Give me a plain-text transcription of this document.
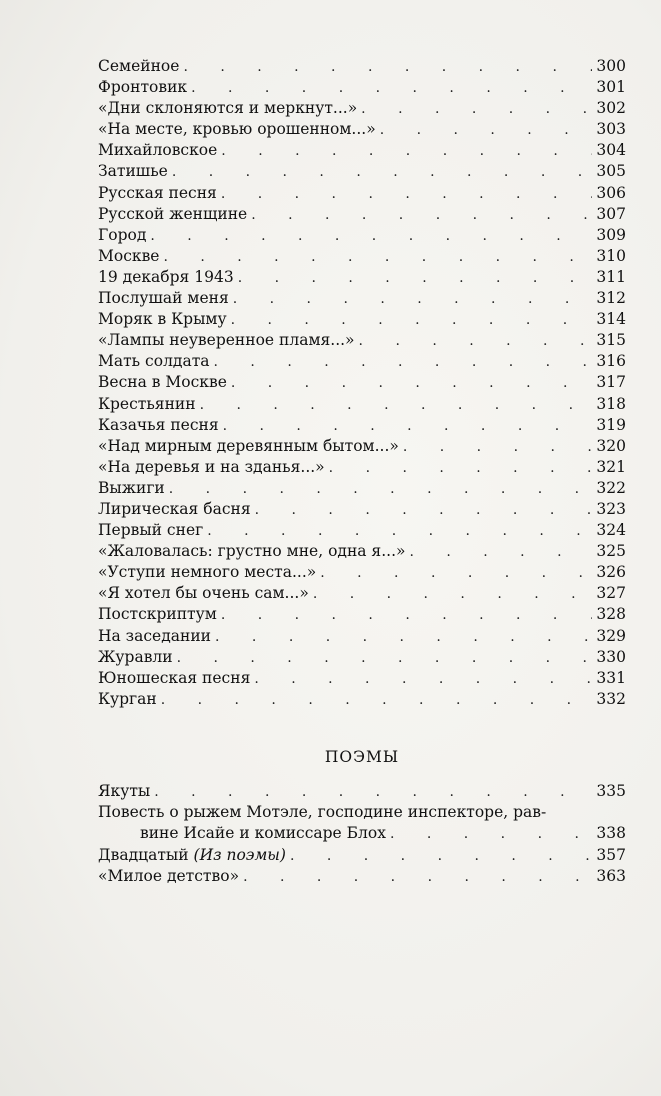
Семейное . . .	300
Фронтовик . . .	301
«Дни склоняются и меркнут...» . . .	302
«На месте, кровью орошенном...» . . .	303
Михайловское . . .	304
Затишье . . .	305
Русская песня . . .	306
Русской женщине . . .	307
Город . . .	309
Москве . . .	310
19 декабря 1943 . . .	311
Послушай меня . . .	312
Моряк в Крыму . . .	314
«Лампы неуверенное пламя...» . . .	315
Мать солдата . . .	316
Весна в Москве . . .	317
Крестьянин . . .	318
Казачья песня . . .	319
«Над мирным деревянным бытом...» . . .	320
«На деревья и на зданья...» . . .	321
Выжиги . . .	322
Лирическая басня . . .	323
Первый снег . . .	324
«Жаловалась: грустно мне, одна я...» . . .	325
«Уступи немного места...» . . .	326
«Я хотел бы очень сам...» . . .	327
Постскриптум . . .	328
На заседании . . .	329
Журавли . . .	330
Юношеская песня . . .	331
Курган . . .	332
ПОЭМЫ
Якуты . . .	335
Повесть о рыжем Мотэле, господине инспекторе, рав-
вине Исайе и комиссаре Блох . . .	338
Двадцатый (Из поэмы) . . .	357
«Милое детство» . . .	363
